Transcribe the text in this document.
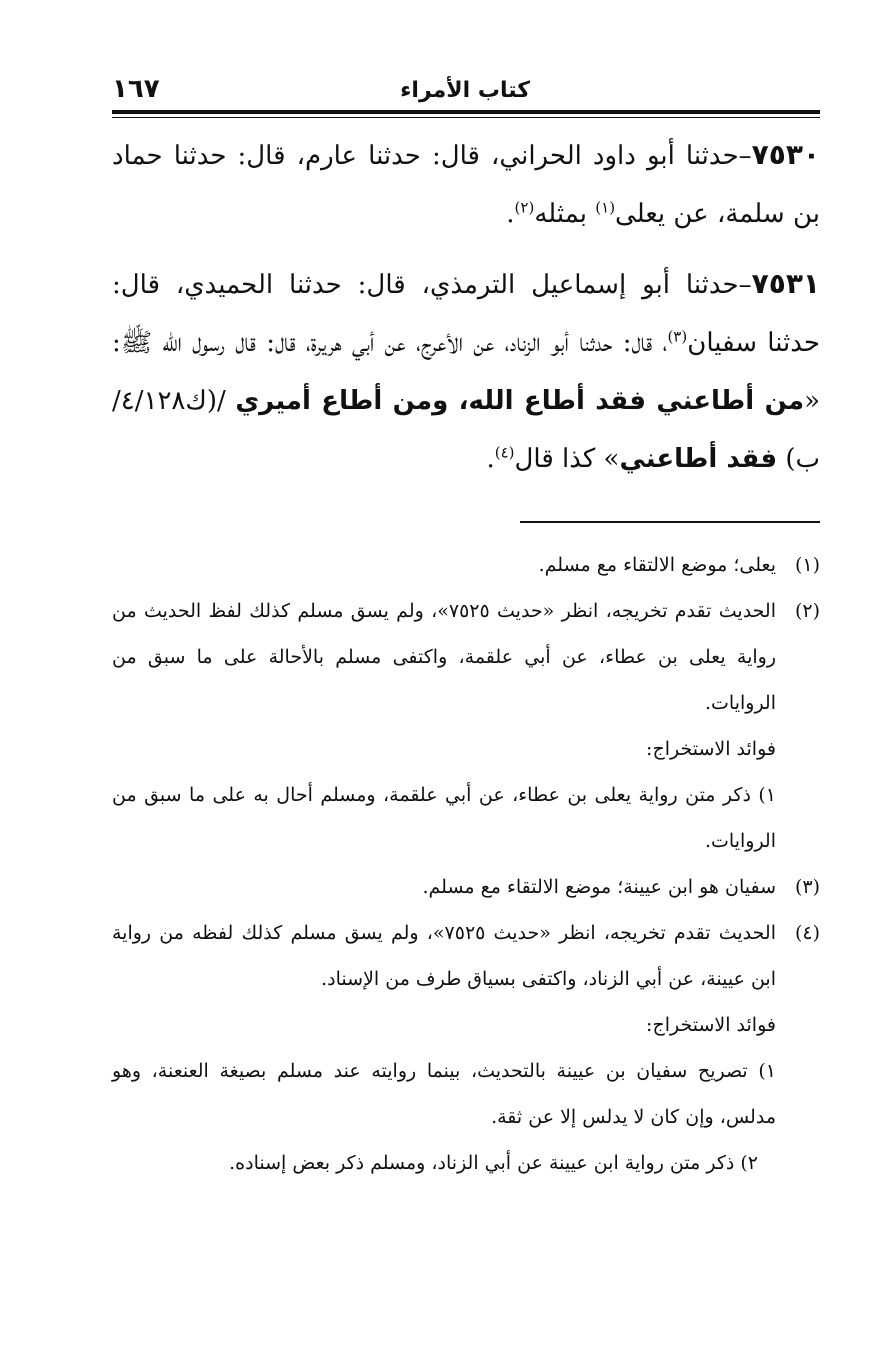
كتاب الأمراء
١٦٧

٧٥٣٠–حدثنا أبو داود الحراني، قال: حدثنا عارم، قال: حدثنا حماد بن سلمة، عن يعلى$^{(١)}$ بمثله$^{(٢)}$.

٧٥٣١–حدثنا أبو إسماعيل الترمذي، قال: حدثنا الحميدي، قال: حدثنا سفيان$^{(٣)}$، قال: حدثنا أبو الزناد، عن الأعرج، عن أبي هريرة، قال: قال رسول الله ﷺ: «من أطاعني فقد أطاع الله، ومن أطاع أميري /(ك٤/١٢٨/ب) فقد أطاعني» كذا قال$^{(٤)}$.

(١)
يعلى؛ موضع الالتقاء مع مسلم.
(٢)
الحديث تقدم تخريجه، انظر «حديث ٧٥٢٥»، ولم يسق مسلم كذلك لفظ الحديث من رواية يعلى بن عطاء، عن أبي علقمة، واكتفى مسلم بالأحالة على ما سبق من الروايات.
فوائد الاستخراج:
١) ذكر متن رواية يعلى بن عطاء، عن أبي علقمة، ومسلم أحال به على ما سبق من الروايات.
(٣)
سفيان هو ابن عيينة؛ موضع الالتقاء مع مسلم.
(٤)
الحديث تقدم تخريجه، انظر «حديث ٧٥٢٥»، ولم يسق مسلم كذلك لفظه من رواية ابن عيينة، عن أبي الزناد، واكتفى بسياق طرف من الإسناد.
فوائد الاستخراج:
١) تصريح سفيان بن عيينة بالتحديث، بينما روايته عند مسلم بصيغة العنعنة، وهو مدلس، وإن كان لا يدلس إلا عن ثقة.
٢) ذكر متن رواية ابن عيينة عن أبي الزناد، ومسلم ذكر بعض إسناده.
